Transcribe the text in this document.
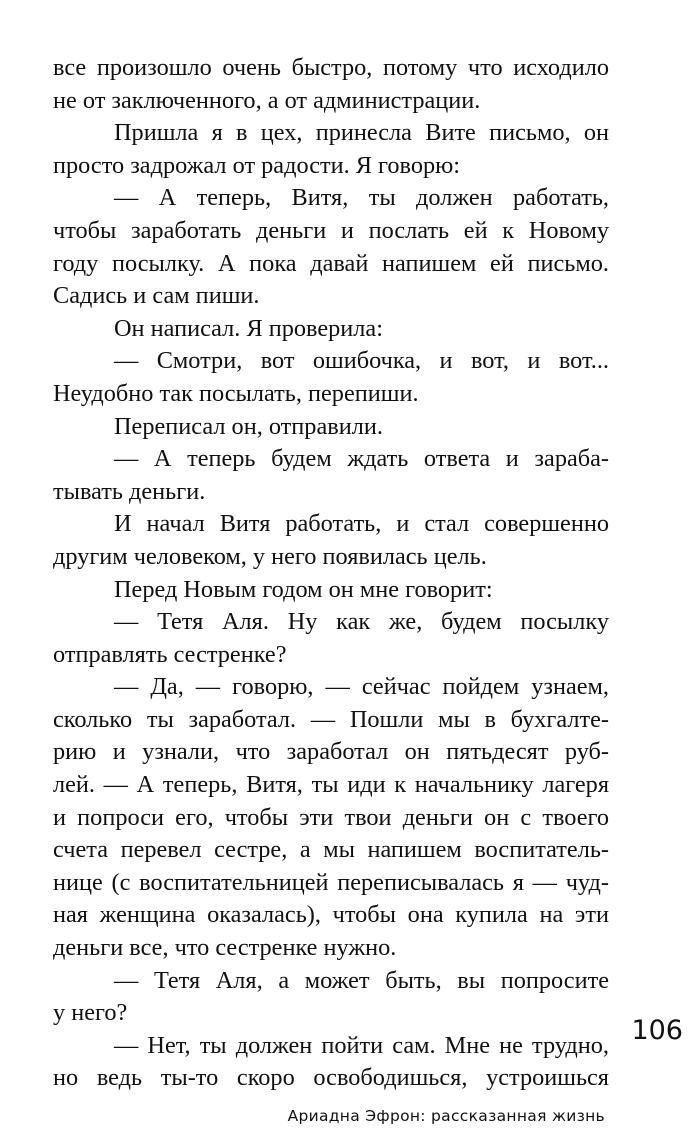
все произошло очень быстро, потому что исходило
не от заключенного, а от администрации.
Пришла я в цех, принесла Вите письмо, он
просто задрожал от радости. Я говорю:
— А теперь, Витя, ты должен работать,
чтобы заработать деньги и послать ей к Новому
году посылку. А пока давай напишем ей письмо.
Садись и сам пиши.
Он написал. Я проверила:
— Смотри, вот ошибочка, и вот, и вот...
Неудобно так посылать, перепиши.
Переписал он, отправили.
— А теперь будем ждать ответа и зараба-
тывать деньги.
И начал Витя работать, и стал совершенно
другим человеком, у него появилась цель.
Перед Новым годом он мне говорит:
— Тетя Аля. Ну как же, будем посылку
отправлять сестренке?
— Да, — говорю, — сейчас пойдем узнаем,
сколько ты заработал. — Пошли мы в бухгалте-
рию и узнали, что заработал он пятьдесят руб-
лей. — А теперь, Витя, ты иди к начальнику лагеря
и попроси его, чтобы эти твои деньги он с твоего
счета перевел сестре, а мы напишем воспитатель-
нице (с воспитательницей переписывалась я — чуд-
ная женщина оказалась), чтобы она купила на эти
деньги все, что сестренке нужно.
— Тетя Аля, а может быть, вы попросите
у него?
— Нет, ты должен пойти сам. Мне не трудно,
но ведь ты-то скоро освободишься, устроишься
106
Ариадна Эфрон: рассказанная жизнь
